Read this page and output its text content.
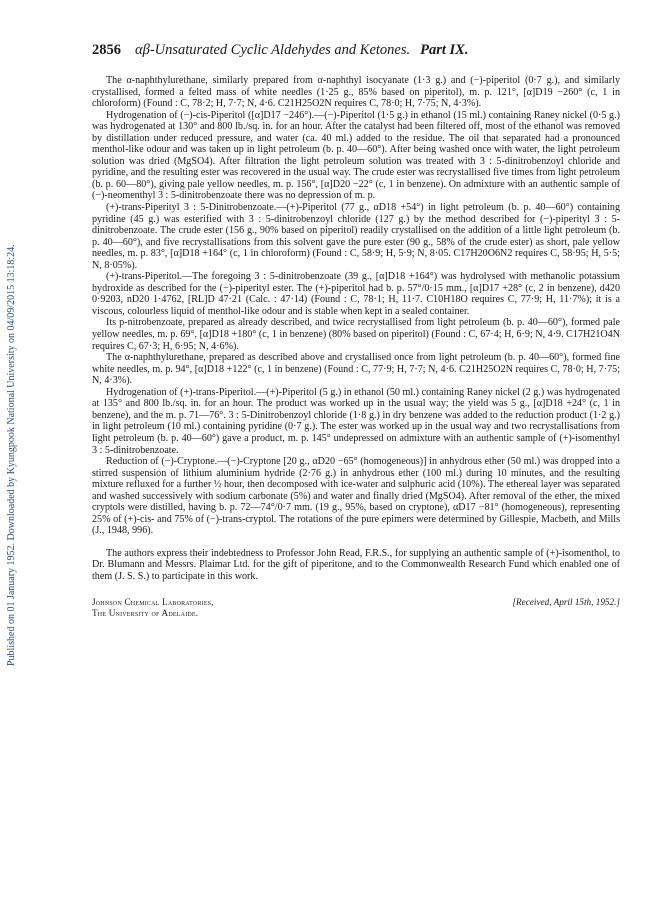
Published on 01 January 1952. Downloaded by Kyungpook National University on 04/09/2015 13:18:24.
2856 αβ-Unsaturated Cyclic Aldehydes and Ketones. Part IX.

The α-naphthylurethane, similarly prepared from α-naphthyl isocyanate (1·3 g.) and (−)-piperitol (0·7 g.), and similarly crystallised, formed a felted mass of white needles (1·25 g., 85% based on piperitol), m. p. 121°, [α]D19 −260° (c, 1 in chloroform) (Found : C, 78·2; H, 7·7; N, 4·6. C21H25O2N requires C, 78·0; H, 7·75; N, 4·3%).

Hydrogenation of (−)-cis-Piperitol ([α]D17 −246°).—(−)-Piperitol (1·5 g.) in ethanol (15 ml.) containing Raney nickel (0·5 g.) was hydrogenated at 130° and 800 lb./sq. in. for an hour. After the catalyst had been filtered off, most of the ethanol was removed by distillation under reduced pressure, and water (ca. 40 ml.) added to the residue. The oil that separated had a pronounced menthol-like odour and was taken up in light petroleum (b. p. 40—60°). After being washed once with water, the light petroleum solution was dried (MgSO4). After filtration the light petroleum solution was treated with 3 : 5-dinitrobenzoyl chloride and pyridine, and the resulting ester was recovered in the usual way. The crude ester was recrystallised five times from light petroleum (b. p. 60—80°), giving pale yellow needles, m. p. 156°, [α]D20 −22° (c, 1 in benzene). On admixture with an authentic sample of (−)-neomenthyl 3 : 5-dinitrobenzoate there was no depression of m. p.

(+)-trans-Piperityl 3 : 5-Dinitrobenzoate.—(+)-Piperitol (77 g., αD18 +54°) in light petroleum (b. p. 40—60°) containing pyridine (45 g.) was esterified with 3 : 5-dinitrobenzoyl chloride (127 g.) by the method described for (−)-piperityl 3 : 5-dinitrobenzoate. The crude ester (156 g., 90% based on piperitol) readily crystallised on the addition of a little light petroleum (b. p. 40—60°), and five recrystallisations from this solvent gave the pure ester (90 g., 58% of the crude ester) as short, pale yellow needles, m. p. 83°, [α]D18 +164° (c, 1 in chloroform) (Found : C, 58·9; H, 5·9; N, 8·05. C17H20O6N2 requires C, 58·95; H, 5·5; N, 8·05%).

(+)-trans-Piperitol.—The foregoing 3 : 5-dinitrobenzoate (39 g., [α]D18 +164°) was hydrolysed with methanolic potassium hydroxide as described for the (−)-piperityl ester. The (+)-piperitol had b. p. 57°/0·15 mm., [α]D17 +28° (c, 2 in benzene), d420 0·9203, nD20 1·4762, [RL]D 47·21 (Calc. : 47·14) (Found : C, 78·1; H, 11·7. C10H18O requires C, 77·9; H, 11·7%); it is a viscous, colourless liquid of menthol-like odour and is stable when kept in a sealed container.

Its p-nitrobenzoate, prepared as already described, and twice recrystallised from light petroleum (b. p. 40—60°), formed pale yellow needles, m. p. 69°, [α]D18 +180° (c, 1 in benzene) (80% based on piperitol) (Found : C, 67·4; H, 6·9; N, 4·9. C17H21O4N requires C, 67·3; H, 6·95; N, 4·6%).

The α-naphthylurethane, prepared as described above and crystallised once from light petroleum (b. p. 40—60°), formed fine white needles, m. p. 94°, [α]D18 +122° (c, 1 in benzene) (Found : C, 77·9; H, 7·7; N, 4·6. C21H25O2N requires C, 78·0; H, 7·75; N, 4·3%).

Hydrogenation of (+)-trans-Piperitol.—(+)-Piperitol (5 g.) in ethanol (50 ml.) containing Raney nickel (2 g.) was hydrogenated at 135° and 800 lb./sq. in. for an hour. The product was worked up in the usual way; the yield was 5 g., [α]D18 +24° (c, 1 in benzene), and the m. p. 71—76°. 3 : 5-Dinitrobenzoyl chloride (1·8 g.) in dry benzene was added to the reduction product (1·2 g.) in light petroleum (10 ml.) containing pyridine (0·7 g.). The ester was worked up in the usual way and two recrystallisations from light petroleum (b. p. 40—60°) gave a product, m. p. 145° undepressed on admixture with an authentic sample of (+)-isomenthyl 3 : 5-dinitrobenzoate.

Reduction of (−)-Cryptone.—(−)-Cryptone [20 g., αD20 −65° (homogeneous)] in anhydrous ether (50 ml.) was dropped into a stirred suspension of lithium aluminium hydride (2·76 g.) in anhydrous ether (100 ml.) during 10 minutes, and the resulting mixture refluxed for a further ½ hour, then decomposed with ice-water and sulphuric acid (10%). The ethereal layer was separated and washed successively with sodium carbonate (5%) and water and finally dried (MgSO4). After removal of the ether, the mixed cryptols were distilled, having b. p. 72—74°/0·7 mm. (19 g., 95%, based on cryptone), αD17 −81° (homogeneous), representing 25% of (+)-cis- and 75% of (−)-trans-cryptol. The rotations of the pure epimers were determined by Gillespie, Macbeth, and Mills (J., 1948, 996).

The authors express their indebtedness to Professor John Read, F.R.S., for supplying an authentic sample of (+)-isomenthol, to Dr. Blumann and Messrs. Plaimar Ltd. for the gift of piperitone, and to the Commonwealth Research Fund which enabled one of them (J. S. S.) to participate in this work.

Johnson Chemical Laboratories,
The University of Adelaide.
[Received, April 15th, 1952.]
